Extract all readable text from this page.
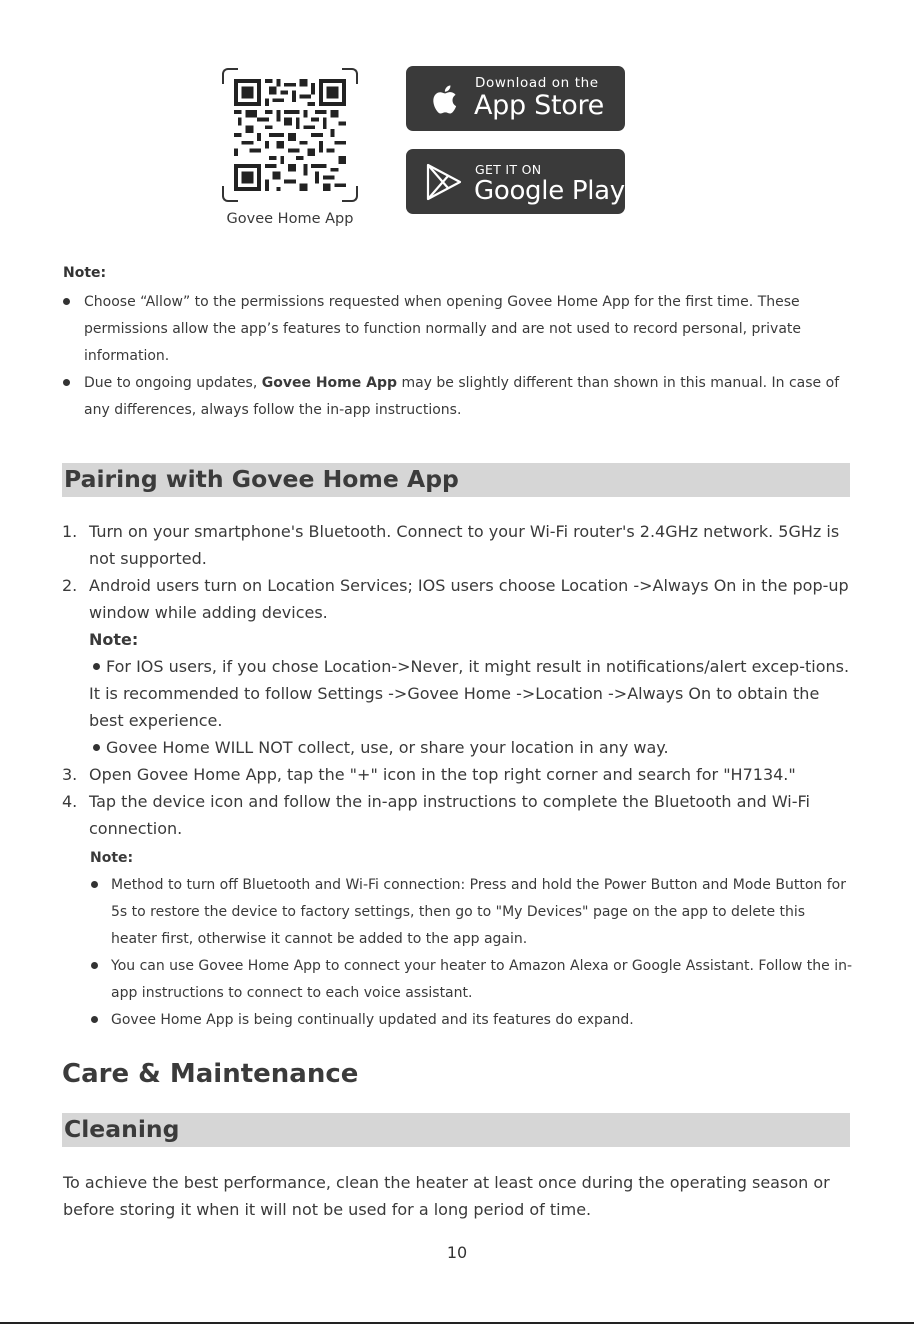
Govee Home App
Download on the
App Store
GET IT ON
Google Play
Note:
Choose “Allow” to the permissions requested when opening Govee Home App for the first time. These permissions allow the app’s features to function normally and are not used to record personal, private information.
Due to ongoing updates, Govee Home App may be slightly different than shown in this manual. In case of any differences, always follow the in-app instructions.
Pairing with Govee Home App
1. Turn on your smartphone's Bluetooth. Connect to your Wi-Fi router's 2.4GHz network. 5GHz is not supported.
2. Android users turn on Location Services; IOS users choose Location ->Always On in the pop-up window while adding devices.
Note:
For IOS users, if you chose Location->Never, it might result in notifications/alert excep-tions. It is recommended to follow Settings ->Govee Home ->Location ->Always On to obtain the best experience.
Govee Home WILL NOT collect, use, or share your location in any way.
3. Open Govee Home App, tap the "+" icon in the top right corner and search for "H7134."
4. Tap the device icon and follow the in-app instructions to complete the Bluetooth and Wi-Fi connection.
Note:
Method to turn off Bluetooth and Wi-Fi connection: Press and hold the Power Button and Mode Button for 5s to restore the device to factory settings, then go to "My Devices" page on the app to delete this heater first, otherwise it cannot be added to the app again.
You can use Govee Home App to connect your heater to Amazon Alexa or Google Assistant. Follow the in-app instructions to connect to each voice assistant.
Govee Home App is being continually updated and its features do expand.
Care & Maintenance
Cleaning
To achieve the best performance, clean the heater at least once during the operating season or before storing it when it will not be used for a long period of time.
10
